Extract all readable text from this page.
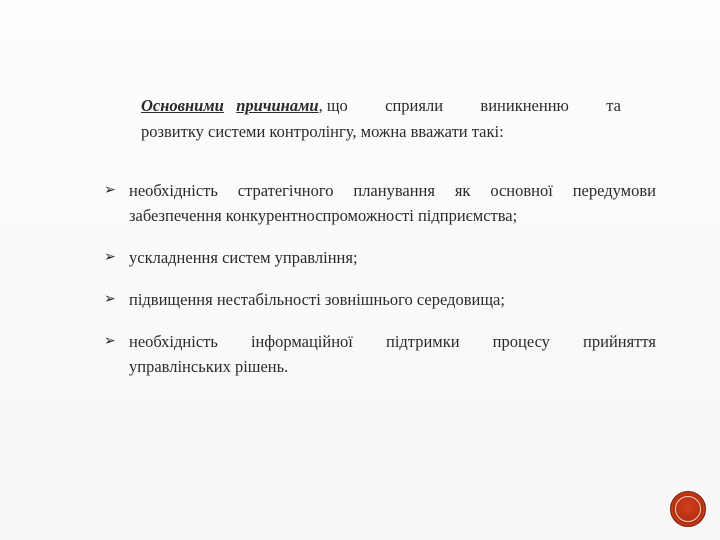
Основними причинами, що сприяли виникненню та
розвитку системи контролінгу, можна вважати такі:
➢ необхідність стратегічного планування як основної передумови
забезпечення конкурентноспроможності підприємства;
➢ ускладнення систем управління;
➢ підвищення нестабільності зовнішнього середовища;
➢ необхідність інформаційної підтримки процесу прийняття
управлінських рішень.
